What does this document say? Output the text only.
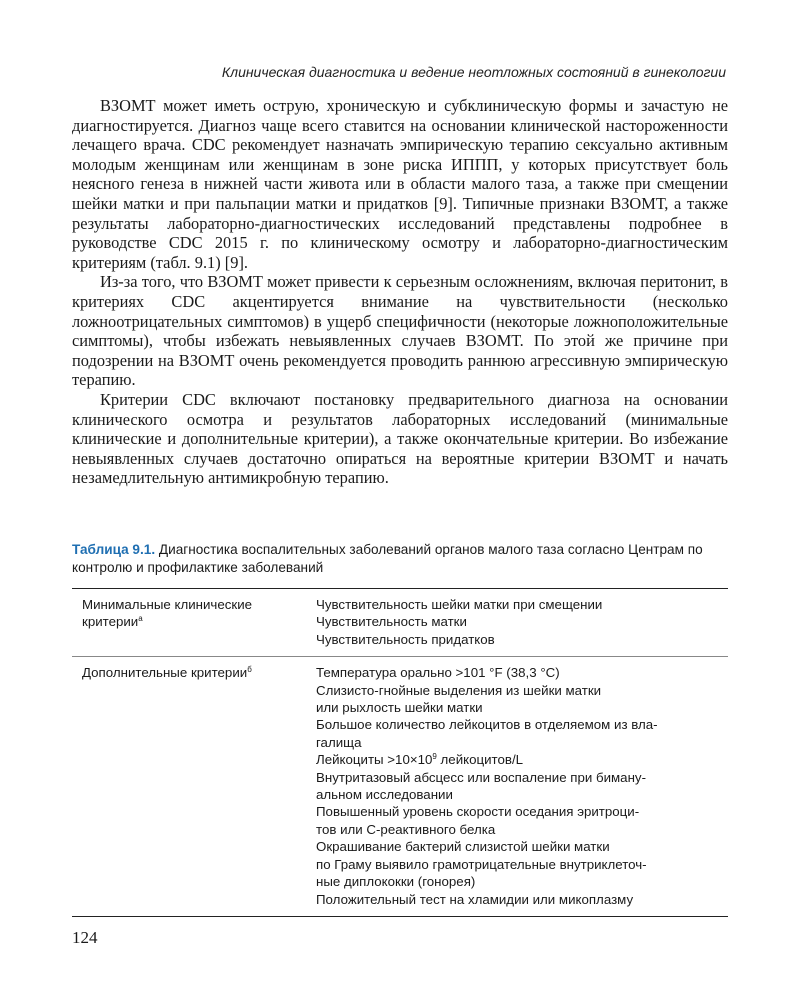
Клиническая диагностика и ведение неотложных состояний в гинекологии

ВЗОМТ может иметь острую, хроническую и субклиническую формы и зачастую не диагностируется. Диагноз чаще всего ставится на основании клинической настороженности лечащего врача. CDC рекомендует назначать эмпирическую терапию сексуально активным молодым женщинам или женщинам в зоне риска ИППП, у которых присутствует боль неясного генеза в нижней части живота или в области малого таза, а также при смещении шейки матки и при пальпации матки и придатков [9]. Типичные признаки ВЗОМТ, а также результаты лабораторно-диагностических исследований представлены подробнее в руководстве CDC 2015 г. по клиническому осмотру и лабораторно-диагностическим критериям (табл. 9.1) [9].

Из-за того, что ВЗОМТ может привести к серьезным осложнениям, включая перитонит, в критериях CDC акцентируется внимание на чувствительности (несколько ложноотрицательных симптомов) в ущерб специфичности (некоторые ложноположительные симптомы), чтобы избежать невыявленных случаев ВЗОМТ. По этой же причине при подозрении на ВЗОМТ очень рекомендуется проводить раннюю агрессивную эмпирическую терапию.

Критерии CDC включают постановку предварительного диагноза на основании клинического осмотра и результатов лабораторных исследований (минимальные клинические и дополнительные критерии), а также окончательные критерии. Во избежание невыявленных случаев достаточно опираться на вероятные критерии ВЗОМТ и начать незамедлительную антимикробную терапию.

Таблица 9.1. Диагностика воспалительных заболеваний органов малого таза согласно Центрам по контролю и профилактике заболеваний
Минимальные клинические
критерии$^а$
Чувствительность шейки матки при смещении
Чувствительность матки
Чувствительность придатков
Дополнительные критерии$^б$	Температура орально >101 °F (38,3 °C)
Слизисто-гнойные выделения из шейки матки
или рыхлость шейки матки
Большое количество лейкоцитов в отделяемом из вла-
галища
Лейкоциты $>10\times 10^9$ лейкоцитов/L
Внутритазовый абсцесс или воспаление при биману-
альном исследовании
Повышенный уровень скорости оседания эритроци-
тов или C-реактивного белка
Окрашивание бактерий слизистой шейки матки
по Граму выявило грамотрицательные внутриклеточ-
ные диплококки (гонорея)
Положительный тест на хламидии или микоплазму
124
